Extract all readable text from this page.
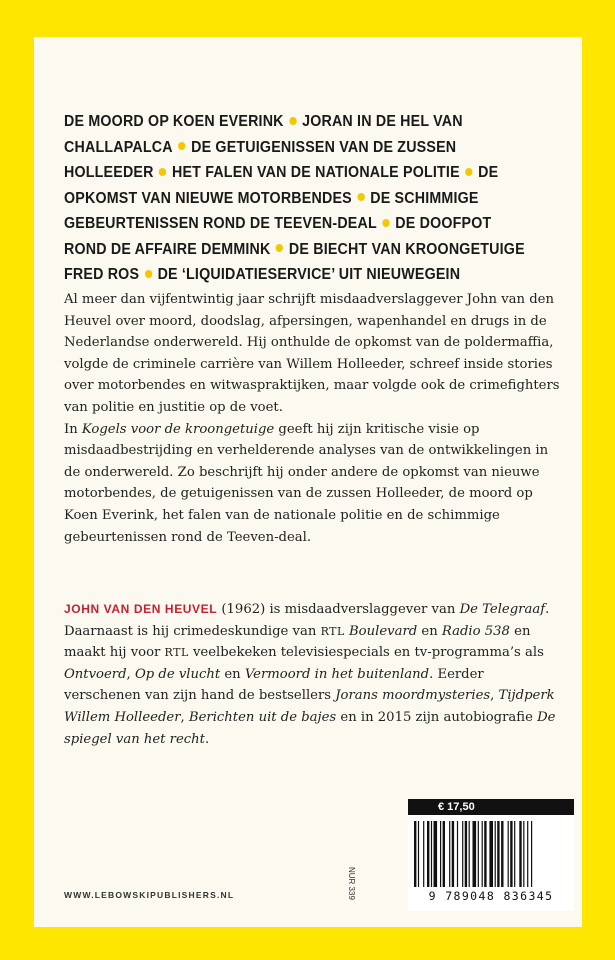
DE MOORD OP KOEN EVERINK JORAN IN DE HEL VAN CHALLAPALCA DE GETUIGENISSEN VAN DE ZUSSEN HOLLEEDER HET FALEN VAN DE NATIONALE POLITIE DE OPKOMST VAN NIEUWE MOTORBENDES DE SCHIMMIGE GEBEURTENISSEN ROND DE TEEVEN-DEAL DE DOOFPOT ROND DE AFFAIRE DEMMINK DE BIECHT VAN KROONGETUIGE FRED ROS DE ‘LIQUIDATIESERVICE’ UIT NIEUWEGEIN

Al meer dan vijfentwintig jaar schrijft misdaadverslaggever John van den Heuvel over moord, doodslag, afpersingen, wapenhandel en drugs in de Nederlandse onderwereld. Hij onthulde de opkomst van de poldermaffia, volgde de criminele carrière van Willem Holleeder, schreef inside stories over motorbendes en witwaspraktijken, maar volgde ook de crimefighters van politie en justitie op de voet.

In Kogels voor de kroongetuige geeft hij zijn kritische visie op misdaadbestrijding en verhelderende analyses van de ontwikkelingen in de onderwereld. Zo beschrijft hij onder andere de opkomst van nieuwe motorbendes, de getuigenissen van de zussen Holleeder, de moord op Koen Everink, het falen van de nationale politie en de schimmige gebeurtenissen rond de Teeven-deal.

JOHN VAN DEN HEUVEL (1962) is misdaadverslaggever van De Telegraaf. Daarnaast is hij crimedeskundige van RTL Boulevard en Radio 538 en maakt hij voor RTL veelbekeken televisiespecials en tv-programma’s als Ontvoerd, Op de vlucht en Vermoord in het buitenland. Eerder verschenen van zijn hand de bestsellers Jorans moordmysteries, Tijdperk Willem Holleeder, Berichten uit de bajes en in 2015 zijn autobiografie De spiegel van het recht.
WWW.LEBOWSKIPUBLISHERS.NL	NUR 339
€ 17,50
9 789048 836345
